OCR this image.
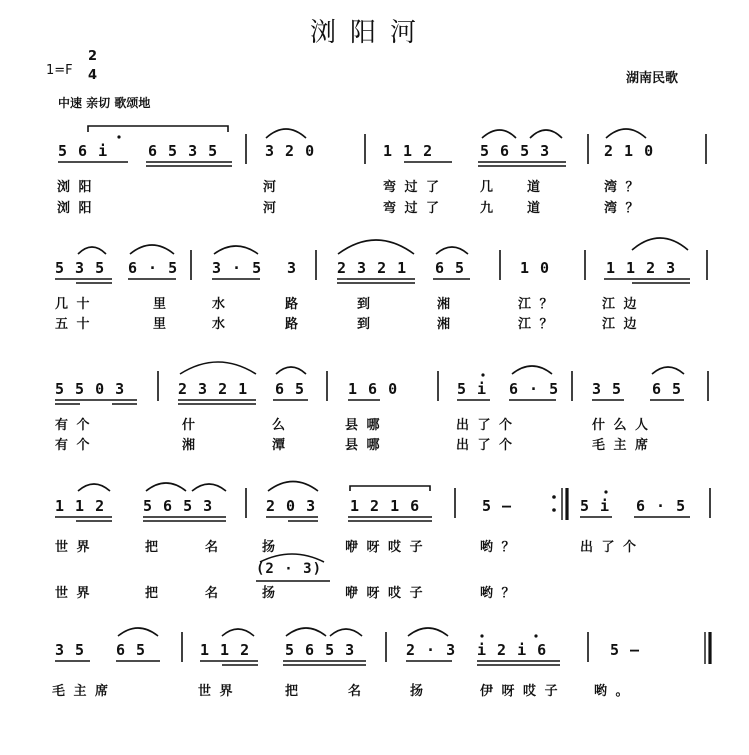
浏阳河
1=F
2
4	湖南民歌
中速 亲切 歌颂地
5 6 i	6 5 3 5	3 2 0	1 1 2	5 6 5 3	2 1 0
浏 阳	河	弯 过 了	几 道	湾 ？
浏 阳	河	弯 过 了	九 道	湾 ？
5 3 5 6 · 5 3 · 5 3	2 3 2 1 6 5	1 0	1 1 2 3
几 十	里	水	路	到	湘	江 ？	江 边
五 十	里	水	路	到	湘	江 ？	江 边
5 5 0 3	2 3 2 1 6 5	1 6 0	5 i 6 · 5 3 5 6 5
有 个	什	么	县 哪	出 了 个	什 么 人
有 个	湘	潭	县 哪	出 了 个	毛 主 席
1 1 2	5 6 5 3	2 0 3 1 2 1 6	5 –	5 i 6 · 5
世 界	把	名	扬	咿 呀 哎 子	哟 ？	出 了 个
(2 · 3)
世 界	把	名	扬	咿 呀 哎 子	哟 ？
3 5 6 5	1 1 2 5 6 5 3	2 · 3 i 2 i 6	5 –
毛 主 席	世 界	把	名	扬	伊 呀 哎 子	哟 。
